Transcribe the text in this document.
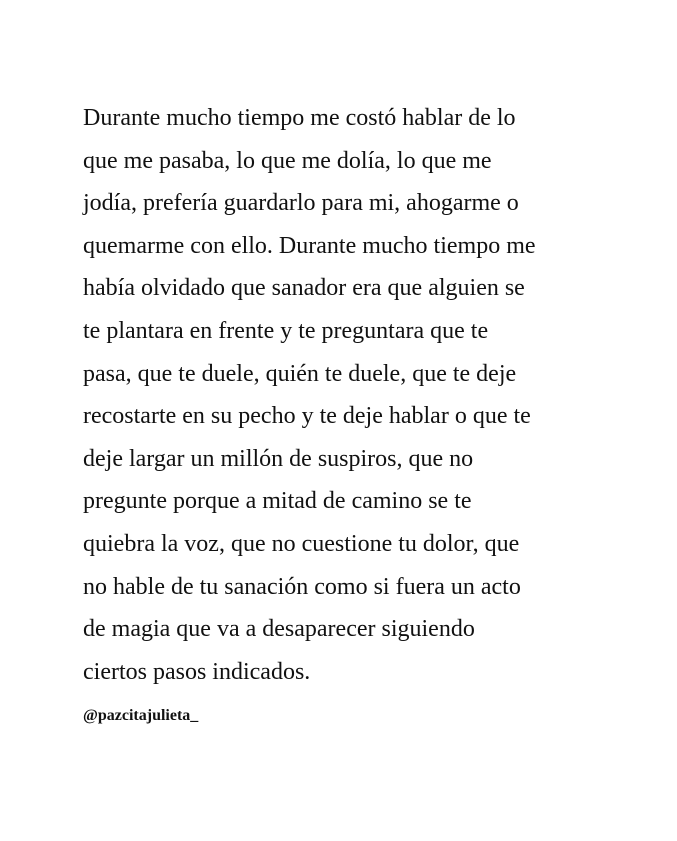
Durante mucho tiempo me costó hablar de lo
que me pasaba, lo que me dolía, lo que me
jodía, prefería guardarlo para mi, ahogarme o
quemarme con ello. Durante mucho tiempo me
había olvidado que sanador era que alguien se
te plantara en frente y te preguntara que te
pasa, que te duele, quién te duele, que te deje
recostarte en su pecho y te deje hablar o que te
deje largar un millón de suspiros, que no
pregunte porque a mitad de camino se te
quiebra la voz, que no cuestione tu dolor, que
no hable de tu sanación como si fuera un acto
de magia que va a desaparecer siguiendo
ciertos pasos indicados.
@pazcitajulieta_
